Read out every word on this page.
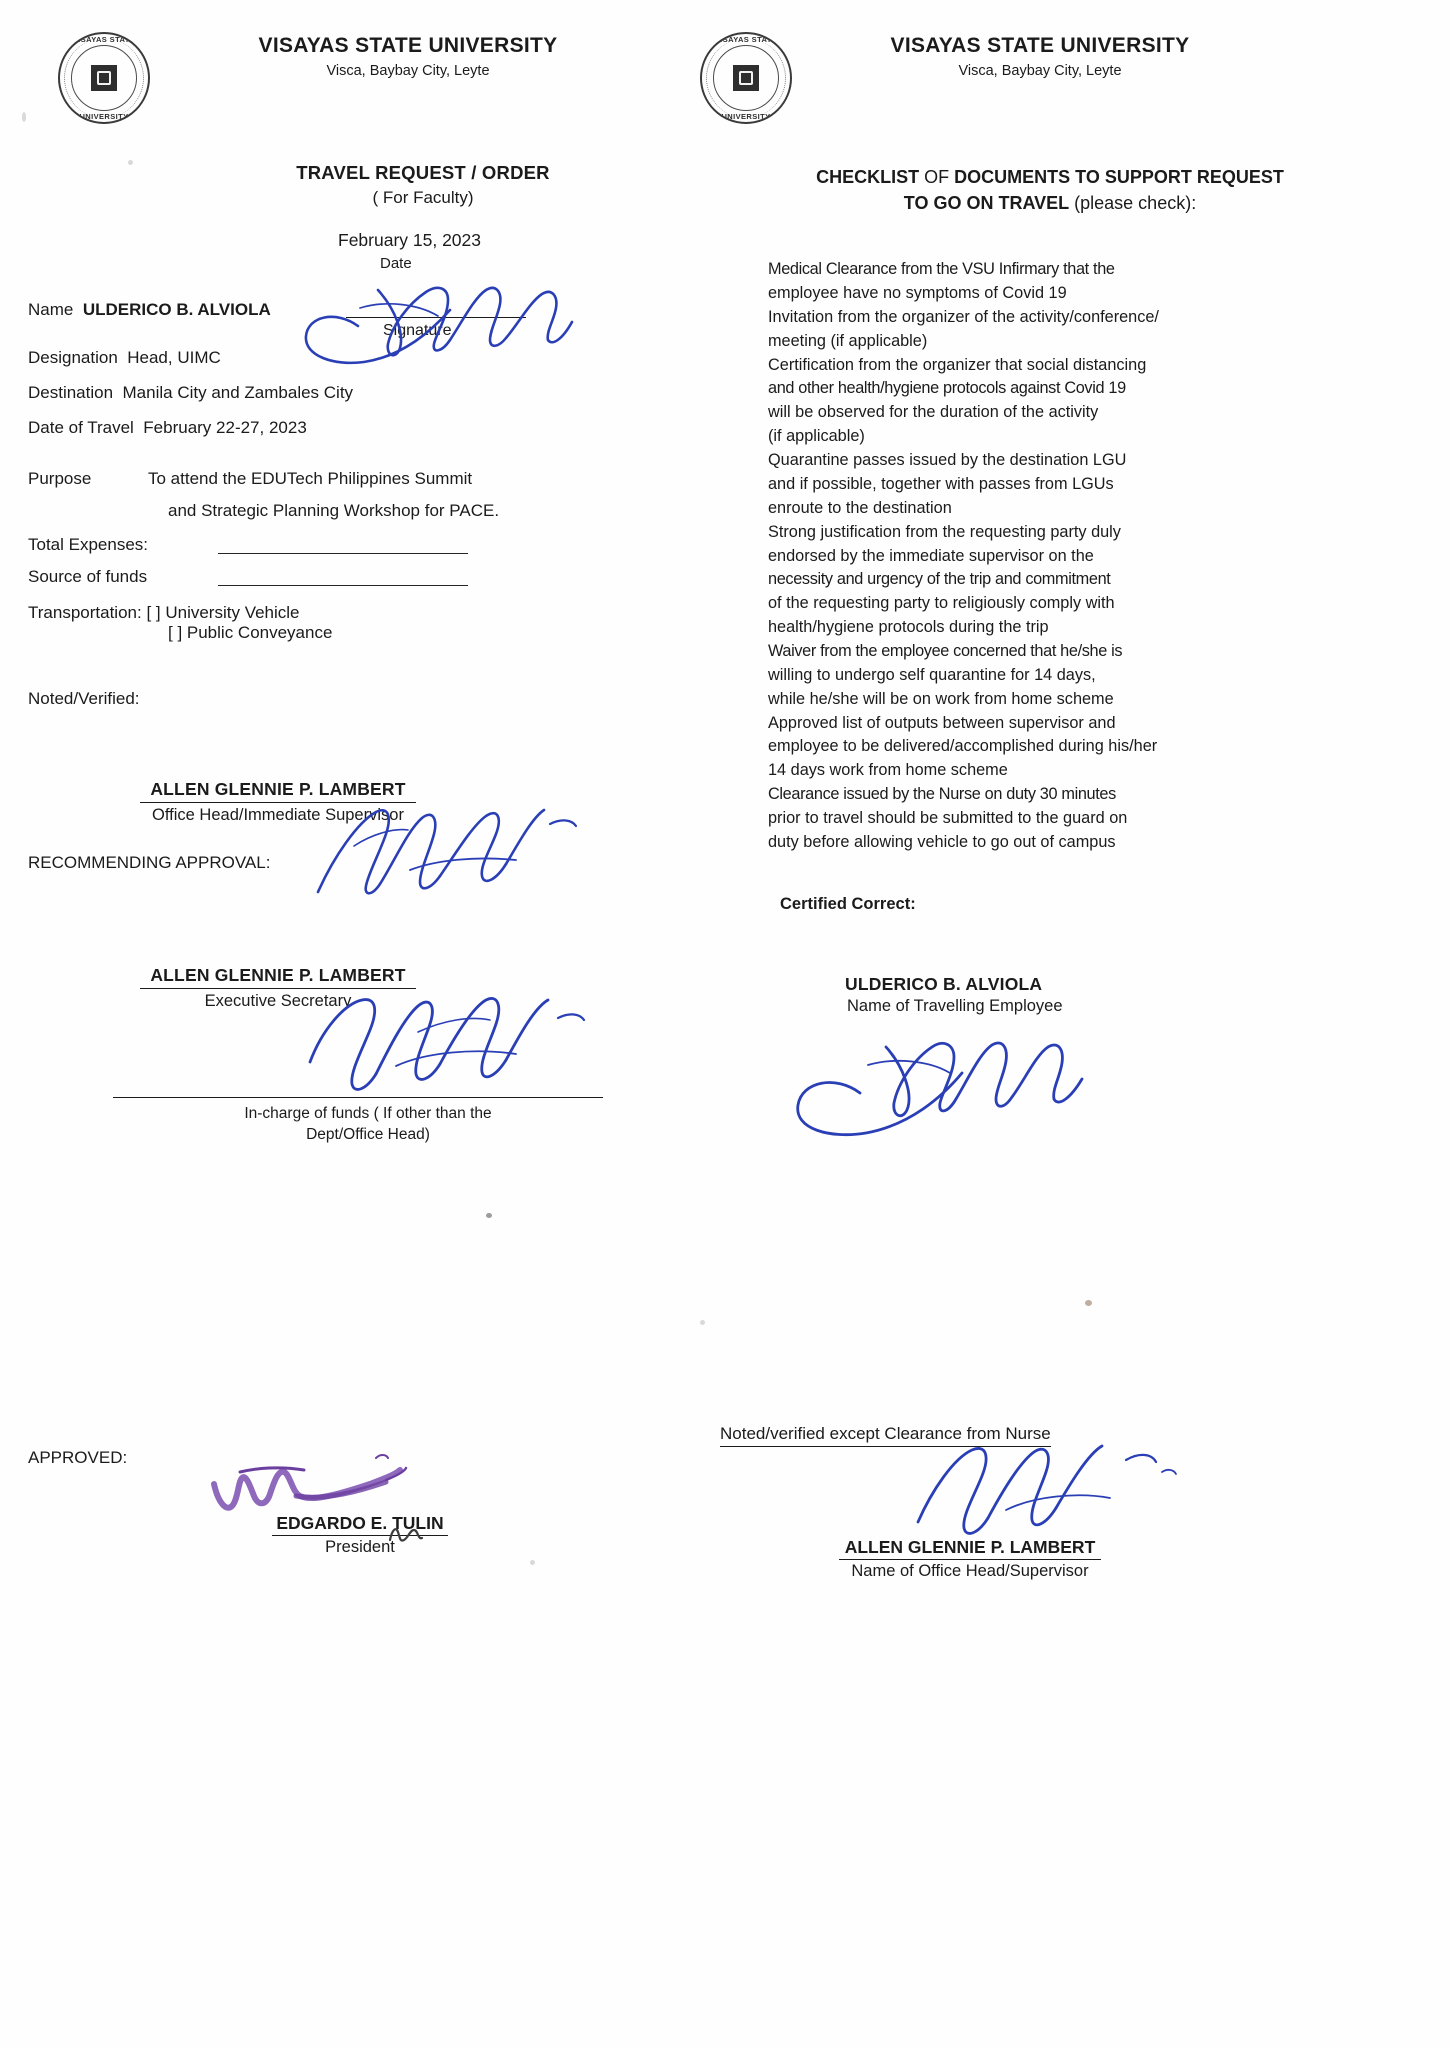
VISAYAS STATE
UNIVERSITY
VISAYAS STATE UNIVERSITY
Visca, Baybay City, Leyte
TRAVEL REQUEST / ORDER
( For Faculty)
February 15, 2023
Date
Name ULDERICO B. ALVIOLA
Signature
Designation Head, UIMC
Destination Manila City and Zambales City
Date of Travel February 22-27, 2023
Purpose	To attend the EDUTech Philippines Summit
and Strategic Planning Workshop for PACE.
Total Expenses:
Source of funds
Transportation: [ ] University Vehicle
[ ] Public Conveyance
Noted/Verified:
ALLEN GLENNIE P. LAMBERT
Office Head/Immediate Supervisor
RECOMMENDING APPROVAL:
ALLEN GLENNIE P. LAMBERT
Executive Secretary
In-charge of funds ( If other than the
Dept/Office Head)
APPROVED:
EDGARDO E. TULIN
President
VISAYAS STATE
UNIVERSITY
VISAYAS STATE UNIVERSITY
Visca, Baybay City, Leyte
CHECKLIST OF DOCUMENTS TO SUPPORT REQUEST
TO GO ON TRAVEL (please check):
Medical Clearance from the VSU Infirmary that the
employee have no symptoms of Covid 19
Invitation from the organizer of the activity/conference/
meeting (if applicable)
Certification from the organizer that social distancing
and other health/hygiene protocols against Covid 19
will be observed for the duration of the activity
(if applicable)
Quarantine passes issued by the destination LGU
and if possible, together with passes from LGUs
enroute to the destination
Strong justification from the requesting party duly
endorsed by the immediate supervisor on the
necessity and urgency of the trip and commitment
of the requesting party to religiously comply with
health/hygiene protocols during the trip
Waiver from the employee concerned that he/she is
willing to undergo self quarantine for 14 days,
while he/she will be on work from home scheme
Approved list of outputs between supervisor and
employee to be delivered/accomplished during his/her
14 days work from home scheme
Clearance issued by the Nurse on duty 30 minutes
prior to travel should be submitted to the guard on
duty before allowing vehicle to go out of campus
Certified Correct:
ULDERICO B. ALVIOLA
Name of Travelling Employee
Noted/verified except Clearance from Nurse
ALLEN GLENNIE P. LAMBERT
Name of Office Head/Supervisor
